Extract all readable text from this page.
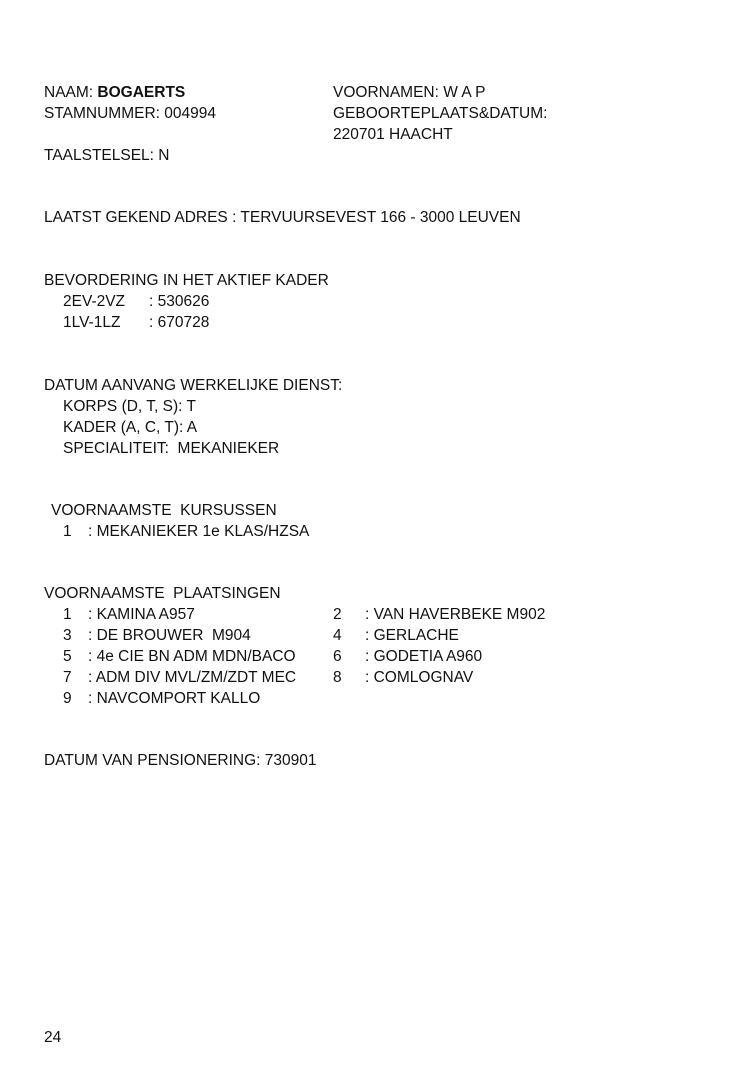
NAAM: BOGAERTS
STAMNUMMER: 004994
TAALSTELSEL: N
VOORNAMEN: W A P
GEBOORTEPLAATS&DATUM:
220701 HAACHT
LAATST GEKEND ADRES : TERVUURSEVEST 166 - 3000 LEUVEN
BEVORDERING IN HET AKTIEF KADER
2EV-2VZ : 530626
1LV-1LZ : 670728
DATUM AANVANG WERKELIJKE DIENST:
KORPS (D, T, S): T
KADER (A, C, T): A
SPECIALITEIT:  MEKANIEKER
VOORNAAMSTE  KURSUSSEN
1 : MEKANIEKER 1e KLAS/HZSA
VOORNAAMSTE  PLAATSINGEN
1 : KAMINA A957	2 : VAN HAVERBEKE M902
3 : DE BROUWER  M904	4 : GERLACHE
5 : 4e CIE BN ADM MDN/BACO 6 : GODETIA A960
7 : ADM DIV MVL/ZM/ZDT MEC 8 : COMLOGNAV
9 : NAVCOMPORT KALLO
DATUM VAN PENSIONERING: 730901
24
